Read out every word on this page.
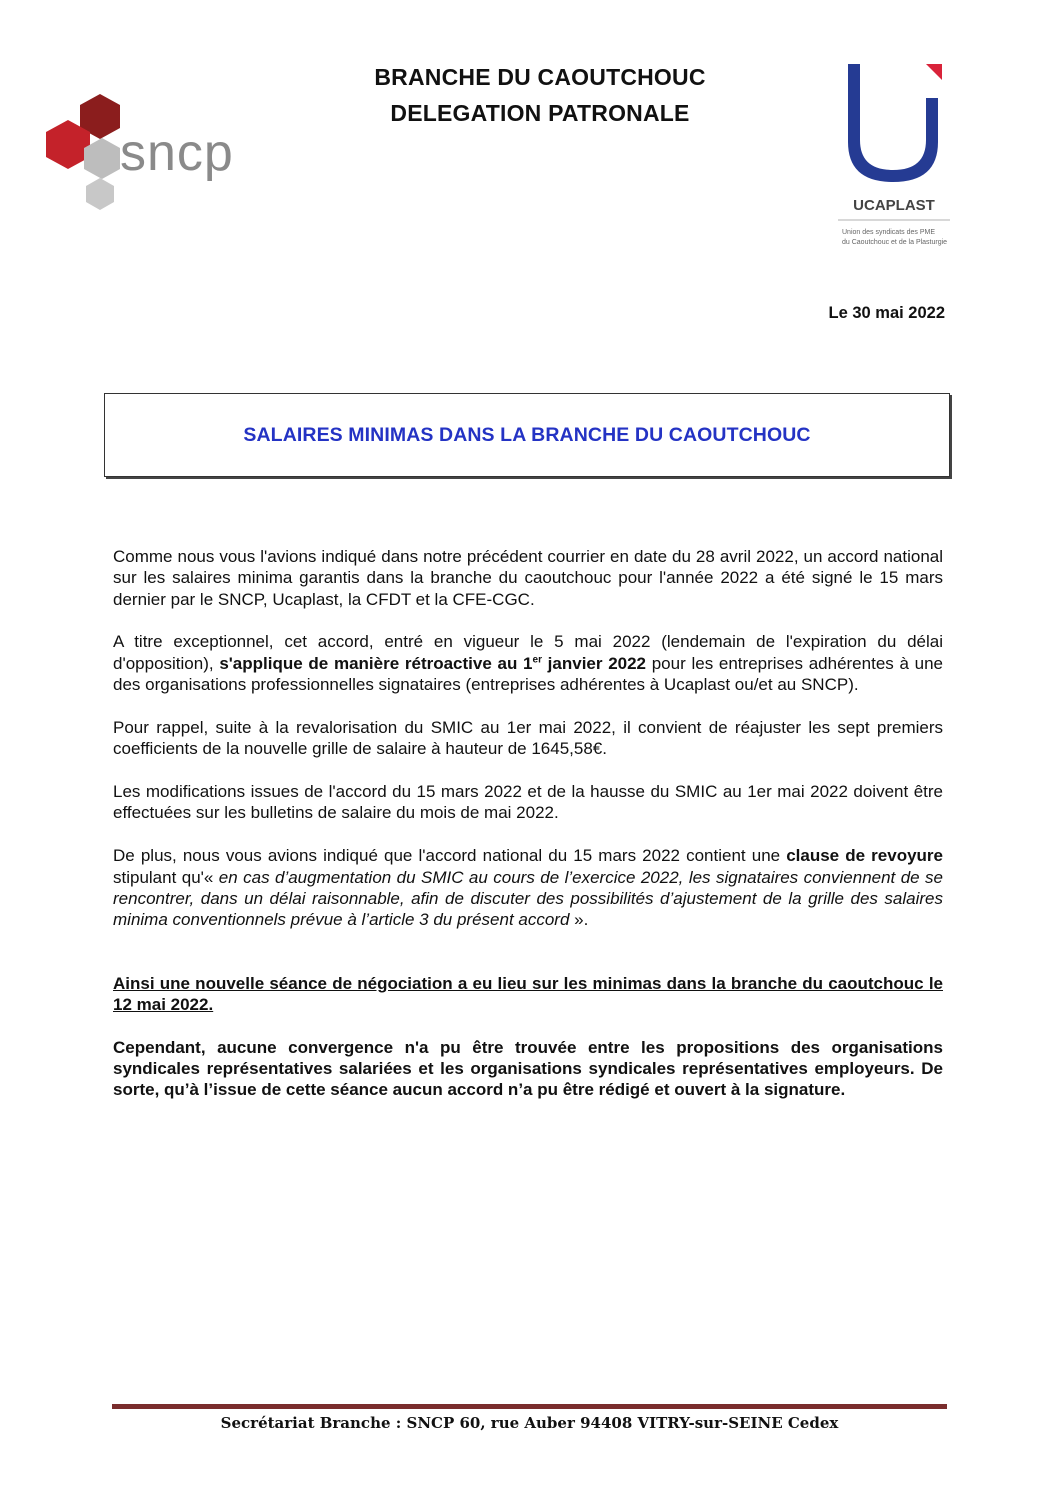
sncp
UCAPLAST
Union des syndicats des PME
du Caoutchouc et de la Plasturgie
BRANCHE DU CAOUTCHOUC
DELEGATION PATRONALE
Le 30 mai 2022
SALAIRES MINIMAS DANS LA BRANCHE DU CAOUTCHOUC

Comme nous vous l'avions indiqué dans notre précédent courrier en date du 28 avril 2022, un accord national sur les salaires minima garantis dans la branche du caoutchouc pour l'année 2022 a été signé le 15 mars dernier par le SNCP, Ucaplast, la CFDT et la CFE-CGC.

A titre exceptionnel, cet accord, entré en vigueur le 5 mai 2022 (lendemain de l'expiration du délai d'opposition), s'applique de manière rétroactive au 1er janvier 2022 pour les entreprises adhérentes à une des organisations professionnelles signataires (entreprises adhérentes à Ucaplast ou/et au SNCP).

Pour rappel, suite à la revalorisation du SMIC au 1er mai 2022, il convient de réajuster les sept premiers coefficients de la nouvelle grille de salaire à hauteur de 1645,58€.

Les modifications issues de l'accord du 15 mars 2022 et de la hausse du SMIC au 1er mai 2022 doivent être effectuées sur les bulletins de salaire du mois de mai 2022.

De plus, nous vous avions indiqué que l'accord national du 15 mars 2022 contient une clause de revoyure stipulant qu'« en cas d’augmentation du SMIC au cours de l’exercice 2022, les signataires conviennent de se rencontrer, dans un délai raisonnable, afin de discuter des possibilités d’ajustement de la grille des salaires minima conventionnels prévue à l’article 3 du présent accord ».

Ainsi une nouvelle séance de négociation a eu lieu sur les minimas dans la branche du caoutchouc le 12 mai 2022.

Cependant, aucune convergence n'a pu être trouvée entre les propositions des organisations syndicales représentatives salariées et les organisations syndicales représentatives employeurs. De sorte, qu’à l’issue de cette séance aucun accord n’a pu être rédigé et ouvert à la signature.

Secrétariat Branche : SNCP 60, rue Auber 94408 VITRY-sur-SEINE Cedex
